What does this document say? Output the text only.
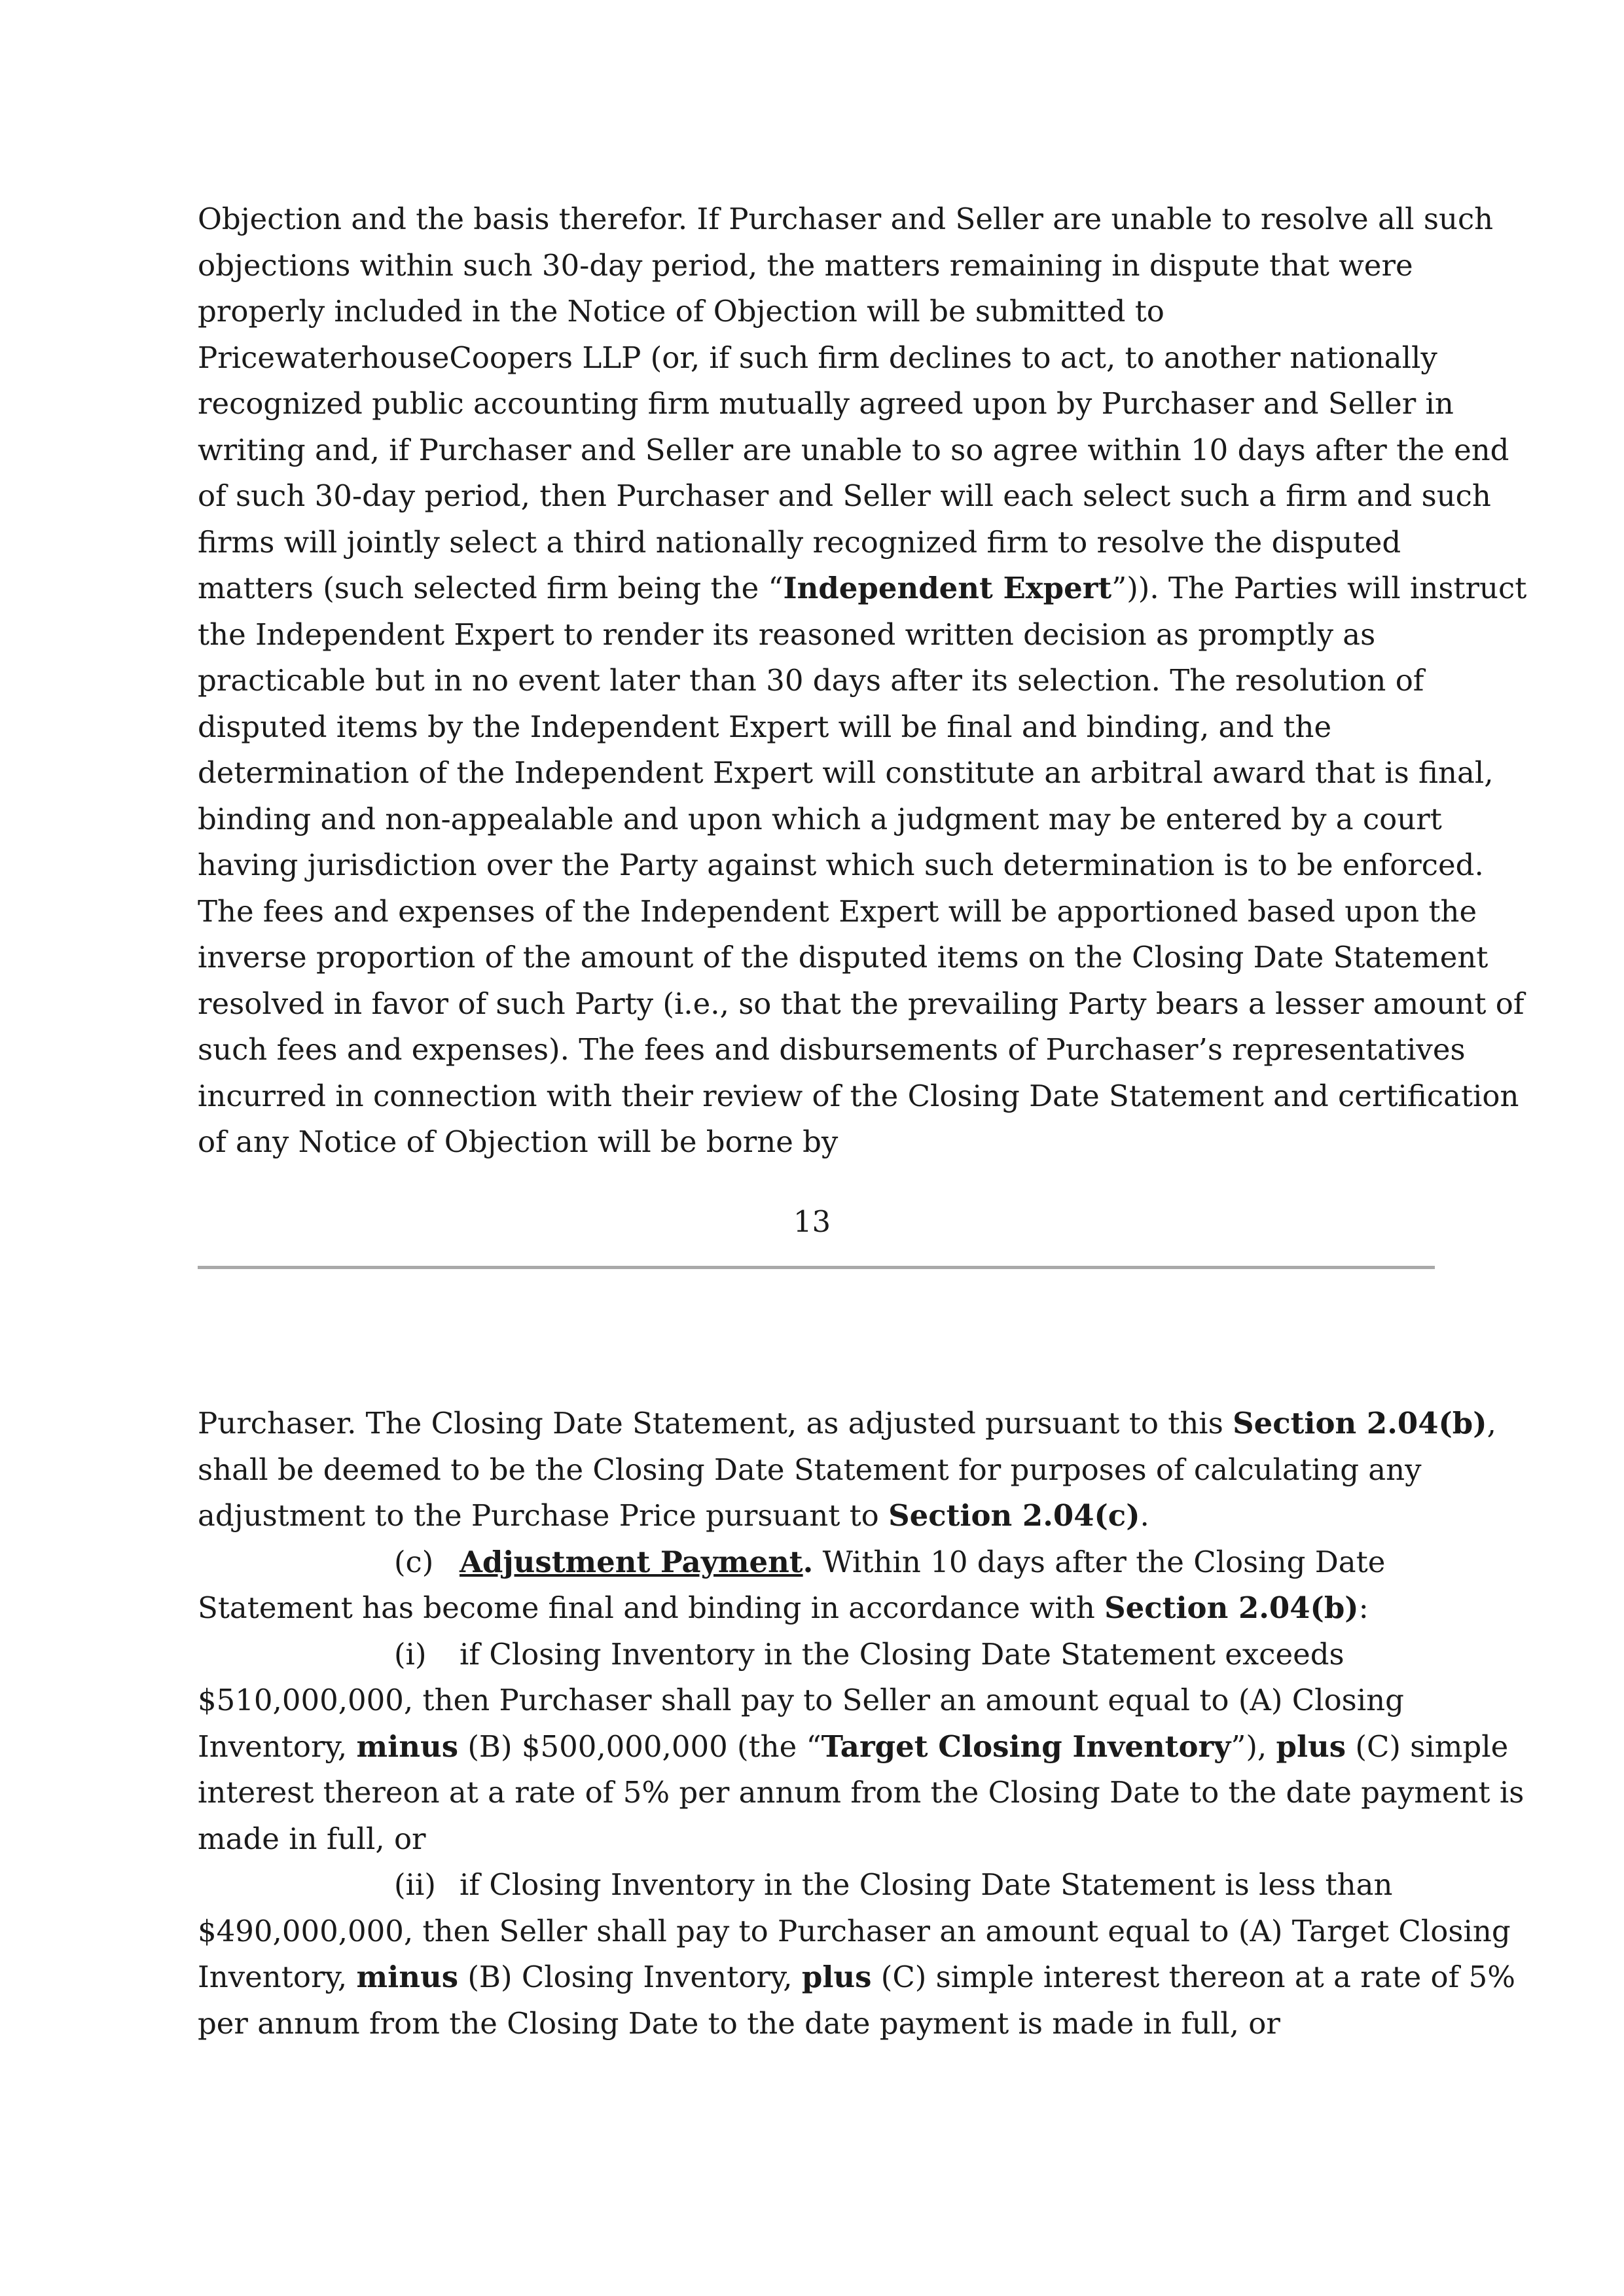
Objection and the basis therefor. If Purchaser and Seller are unable to resolve all such
objections within such 30-day period, the matters remaining in dispute that were
properly included in the Notice of Objection will be submitted to
PricewaterhouseCoopers LLP (or, if such firm declines to act, to another nationally
recognized public accounting firm mutually agreed upon by Purchaser and Seller in
writing and, if Purchaser and Seller are unable to so agree within 10 days after the end
of such 30-day period, then Purchaser and Seller will each select such a firm and such
firms will jointly select a third nationally recognized firm to resolve the disputed
matters (such selected firm being the “Independent Expert”)). The Parties will instruct
the Independent Expert to render its reasoned written decision as promptly as
practicable but in no event later than 30 days after its selection. The resolution of
disputed items by the Independent Expert will be final and binding, and the
determination of the Independent Expert will constitute an arbitral award that is final,
binding and non-appealable and upon which a judgment may be entered by a court
having jurisdiction over the Party against which such determination is to be enforced.
The fees and expenses of the Independent Expert will be apportioned based upon the
inverse proportion of the amount of the disputed items on the Closing Date Statement
resolved in favor of such Party (i.e., so that the prevailing Party bears a lesser amount of
such fees and expenses). The fees and disbursements of Purchaser’s representatives
incurred in connection with their review of the Closing Date Statement and certification
of any Notice of Objection will be borne by
13
Purchaser. The Closing Date Statement, as adjusted pursuant to this Section 2.04(b),
shall be deemed to be the Closing Date Statement for purposes of calculating any
adjustment to the Purchase Price pursuant to Section 2.04(c).
(c) Adjustment Payment. Within 10 days after the Closing Date
Statement has become final and binding in accordance with Section 2.04(b):
(i) if Closing Inventory in the Closing Date Statement exceeds
$510,000,000, then Purchaser shall pay to Seller an amount equal to (A) Closing
Inventory, minus (B) $500,000,000 (the “Target Closing Inventory”), plus (C) simple
interest thereon at a rate of 5% per annum from the Closing Date to the date payment is
made in full, or
(ii) if Closing Inventory in the Closing Date Statement is less than
$490,000,000, then Seller shall pay to Purchaser an amount equal to (A) Target Closing
Inventory, minus (B) Closing Inventory, plus (C) simple interest thereon at a rate of 5%
per annum from the Closing Date to the date payment is made in full, or
